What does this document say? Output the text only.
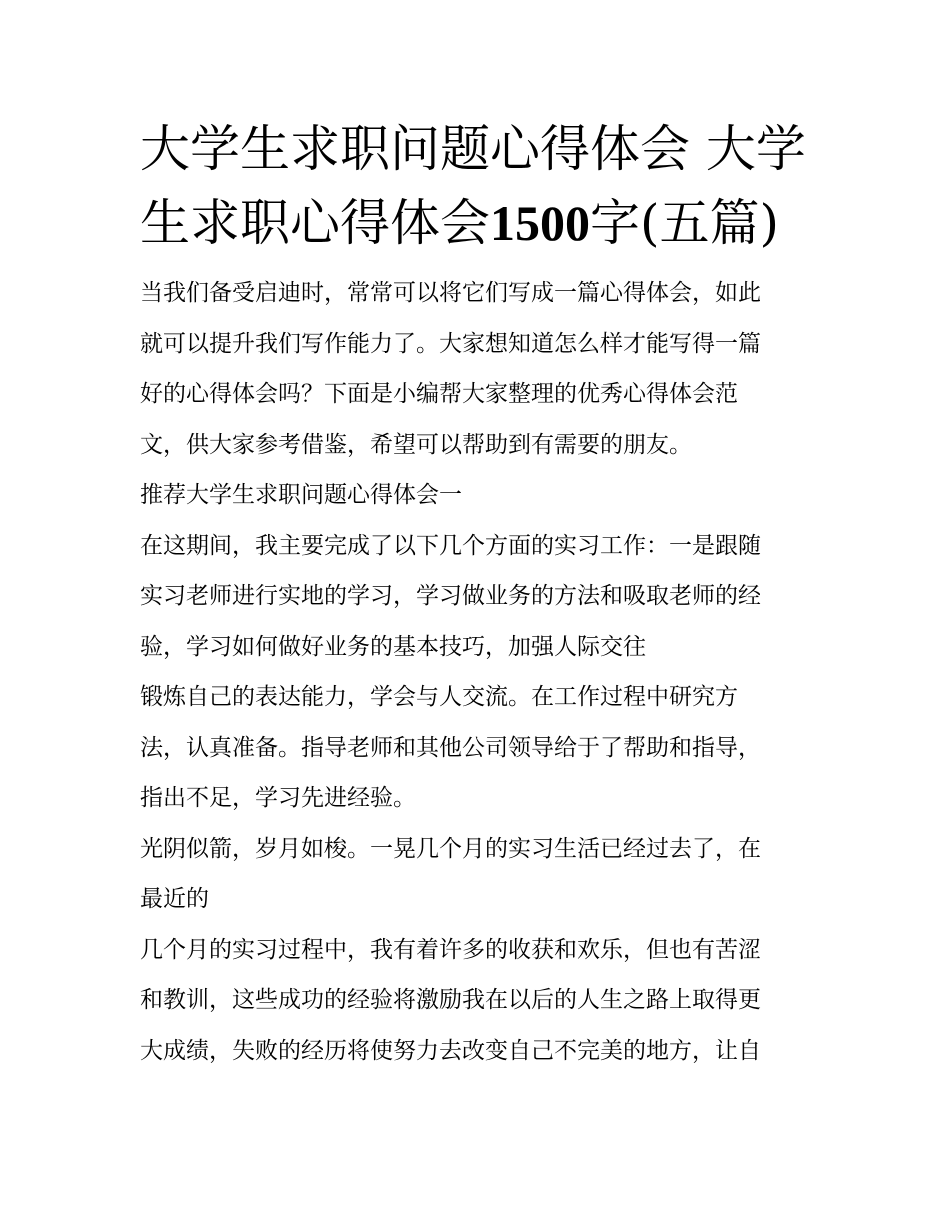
大学生求职问题心得体会 大学
生求职心得体会1500字(五篇)
当我们备受启迪时，常常可以将它们写成一篇心得体会，如此
就可以提升我们写作能力了。大家想知道怎么样才能写得一篇
好的心得体会吗？下面是小编帮大家整理的优秀心得体会范
文，供大家参考借鉴，希望可以帮助到有需要的朋友。
推荐大学生求职问题心得体会一
在这期间，我主要完成了以下几个方面的实习工作：一是跟随
实习老师进行实地的学习，学习做业务的方法和吸取老师的经
验，学习如何做好业务的基本技巧，加强人际交往
锻炼自己的表达能力，学会与人交流。在工作过程中研究方
法，认真准备。指导老师和其他公司领导给于了帮助和指导，
指出不足，学习先进经验。
光阴似箭，岁月如梭。一晃几个月的实习生活已经过去了，在
最近的
几个月的实习过程中，我有着许多的收获和欢乐，但也有苦涩
和教训，这些成功的经验将激励我在以后的人生之路上取得更
大成绩，失败的经历将使努力去改变自己不完美的地方，让自
